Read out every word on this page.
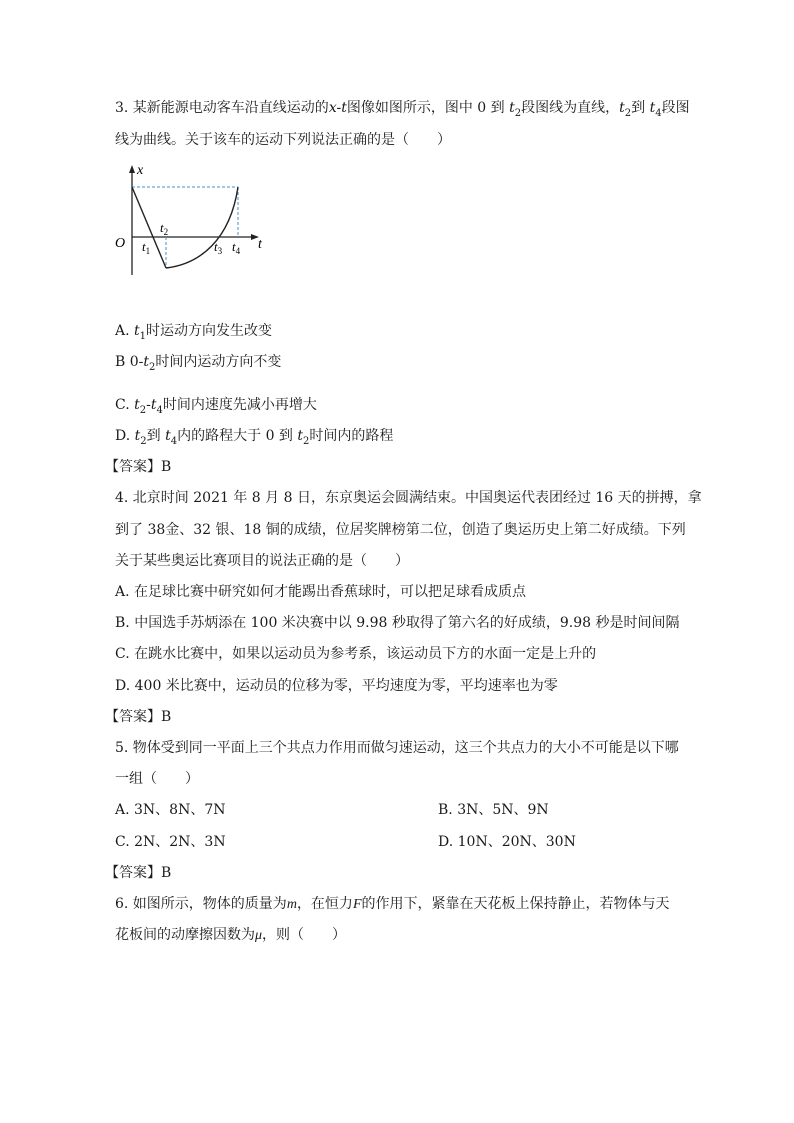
3. 某新能源电动客车沿直线运动的x-t图像如图所示，图中 0 到 $t_2$段图线为直线，$t_2$到 $t_4$段图
线为曲线。关于该车的运动下列说法正确的是（　　）
x
t
O $t_1$
$t_2$
$t_3$ $t_4$
A. $t_1$时运动方向发生改变
B $0-t_2$时间内运动方向不变
C. $t_2-t_4$时间内速度先减小再增大
D. $t_2$到 $t_4$内的路程大于 0 到 $t_2$时间内的路程
【答案】B
4. 北京时间 2021 年 8 月 8 日，东京奥运会圆满结束。中国奥运代表团经过 16 天的拼搏，拿
到了 38金、32 银、18 铜的成绩，位居奖牌榜第二位，创造了奥运历史上第二好成绩。下列
关于某些奥运比赛项目的说法正确的是（　　）
A. 在足球比赛中研究如何才能踢出香蕉球时，可以把足球看成质点
B. 中国选手苏炳添在 100 米决赛中以 9.98 秒取得了第六名的好成绩，9.98 秒是时间间隔
C. 在跳水比赛中，如果以运动员为参考系，该运动员下方的水面一定是上升的
D. 400 米比赛中，运动员的位移为零，平均速度为零，平均速率也为零
【答案】B
5. 物体受到同一平面上三个共点力作用而做匀速运动，这三个共点力的大小不可能是以下哪
一组（　　）
A. 3N、8N、7N	B. 3N、5N、9N
C. 2N、2N、3N	D. 10N、20N、30N
【答案】B
6. 如图所示，物体的质量为m，在恒力F的作用下，紧靠在天花板上保持静止，若物体与天
花板间的动摩擦因数为μ，则（　　）
